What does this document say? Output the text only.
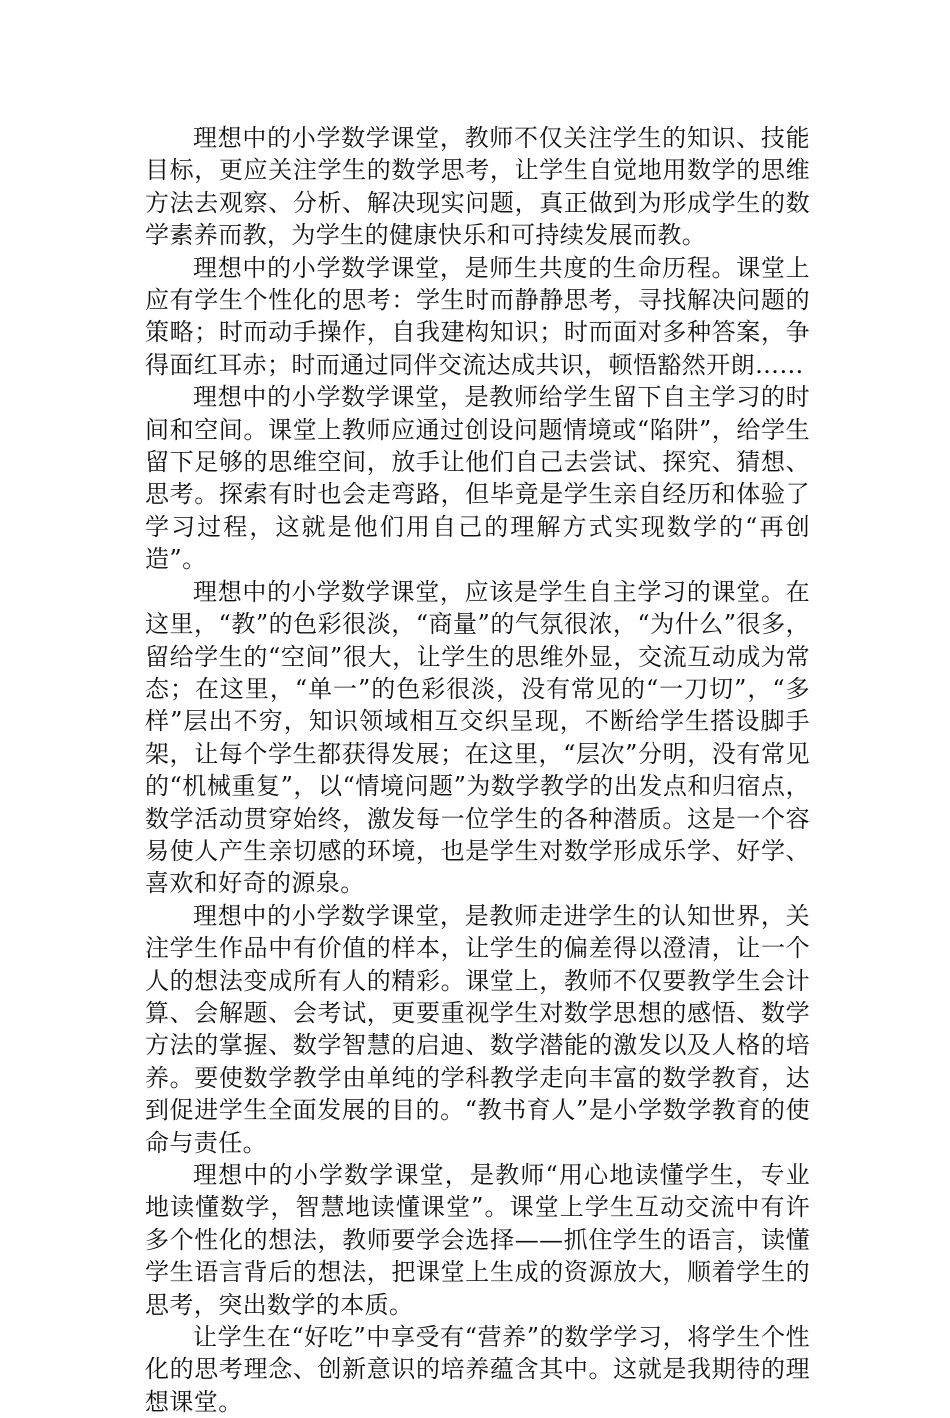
理想中的小学数学课堂，教师不仅关注学生的知识、技能目标，更应关注学生的数学思考，让学生自觉地用数学的思维方法去观察、分析、解决现实问题，真正做到为形成学生的数学素养而教，为学生的健康快乐和可持续发展而教。

理想中的小学数学课堂，是师生共度的生命历程。课堂上应有学生个性化的思考：学生时而静静思考，寻找解决问题的策略；时而动手操作，自我建构知识；时而面对多种答案，争得面红耳赤；时而通过同伴交流达成共识，顿悟豁然开朗……

理想中的小学数学课堂，是教师给学生留下自主学习的时间和空间。课堂上教师应通过创设问题情境或“陷阱”，给学生留下足够的思维空间，放手让他们自己去尝试、探究、猜想、思考。探索有时也会走弯路，但毕竟是学生亲自经历和体验了学习过程，这就是他们用自己的理解方式实现数学的“再创造”。

理想中的小学数学课堂，应该是学生自主学习的课堂。在这里，“教”的色彩很淡，“商量”的气氛很浓，“为什么”很多，留给学生的“空间”很大，让学生的思维外显，交流互动成为常态；在这里，“单一”的色彩很淡，没有常见的“一刀切”，“多样”层出不穷，知识领域相互交织呈现，不断给学生搭设脚手架，让每个学生都获得发展；在这里，“层次”分明，没有常见的“机械重复”，以“情境问题”为数学教学的出发点和归宿点，数学活动贯穿始终，激发每一位学生的各种潜质。这是一个容易使人产生亲切感的环境，也是学生对数学形成乐学、好学、喜欢和好奇的源泉。

理想中的小学数学课堂，是教师走进学生的认知世界，关注学生作品中有价值的样本，让学生的偏差得以澄清，让一个人的想法变成所有人的精彩。课堂上，教师不仅要教学生会计算、会解题、会考试，更要重视学生对数学思想的感悟、数学方法的掌握、数学智慧的启迪、数学潜能的激发以及人格的培养。要使数学教学由单纯的学科教学走向丰富的数学教育，达到促进学生全面发展的目的。“教书育人”是小学数学教育的使命与责任。

理想中的小学数学课堂，是教师“用心地读懂学生，专业地读懂数学，智慧地读懂课堂”。课堂上学生互动交流中有许多个性化的想法，教师要学会选择——抓住学生的语言，读懂学生语言背后的想法，把课堂上生成的资源放大，顺着学生的思考，突出数学的本质。

让学生在“好吃”中享受有“营养”的数学学习，将学生个性化的思考理念、创新意识的培养蕴含其中。这就是我期待的理想课堂。
